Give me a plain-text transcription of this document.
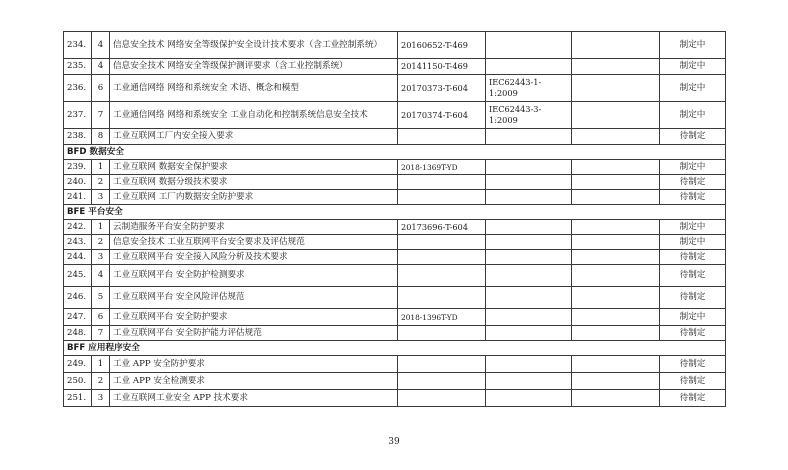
234.	4	信息安全技术 网络安全等级保护安全设计技术要求（含工业控制系统）	20160652-T-469			制定中
235.	4	信息安全技术 网络安全等级保护测评要求（含工业控制系统）	20141150-T-469			制定中
236.	6	工业通信网络 网络和系统安全 术语、概念和模型	20170373-T-604	IEC62443-1-1:2009		制定中
237.	7	工业通信网络 网络和系统安全 工业自动化和控制系统信息安全技术	20170374-T-604	IEC62443-3-1:2009		制定中
238.	8	工业互联网工厂内安全接入要求				待制定
BFD 数据安全						
239.	1	工业互联网 数据安全保护要求	2018-1369T-YD			制定中
240.	2	工业互联网 数据分级技术要求				待制定
241.	3	工业互联网 工厂内数据安全防护要求				待制定
BFE 平台安全						
242.	1	云制造服务平台安全防护要求	20173696-T-604			制定中
243.	2	信息安全技术 工业互联网平台安全要求及评估规范				制定中
244.	3	工业互联网平台 安全接入风险分析及技术要求				待制定
245.	4	工业互联网平台 安全防护检测要求				待制定
246.	5	工业互联网平台 安全风险评估规范				待制定
247.	6	工业互联网平台 安全防护要求	2018-1396T-YD			制定中
248.	7	工业互联网平台 安全防护能力评估规范				待制定
BFF 应用程序安全						
249.	1	工业 APP 安全防护要求				待制定
250.	2	工业 APP 安全检测要求				待制定
251.	3	工业互联网工业安全 APP 技术要求				待制定
39
